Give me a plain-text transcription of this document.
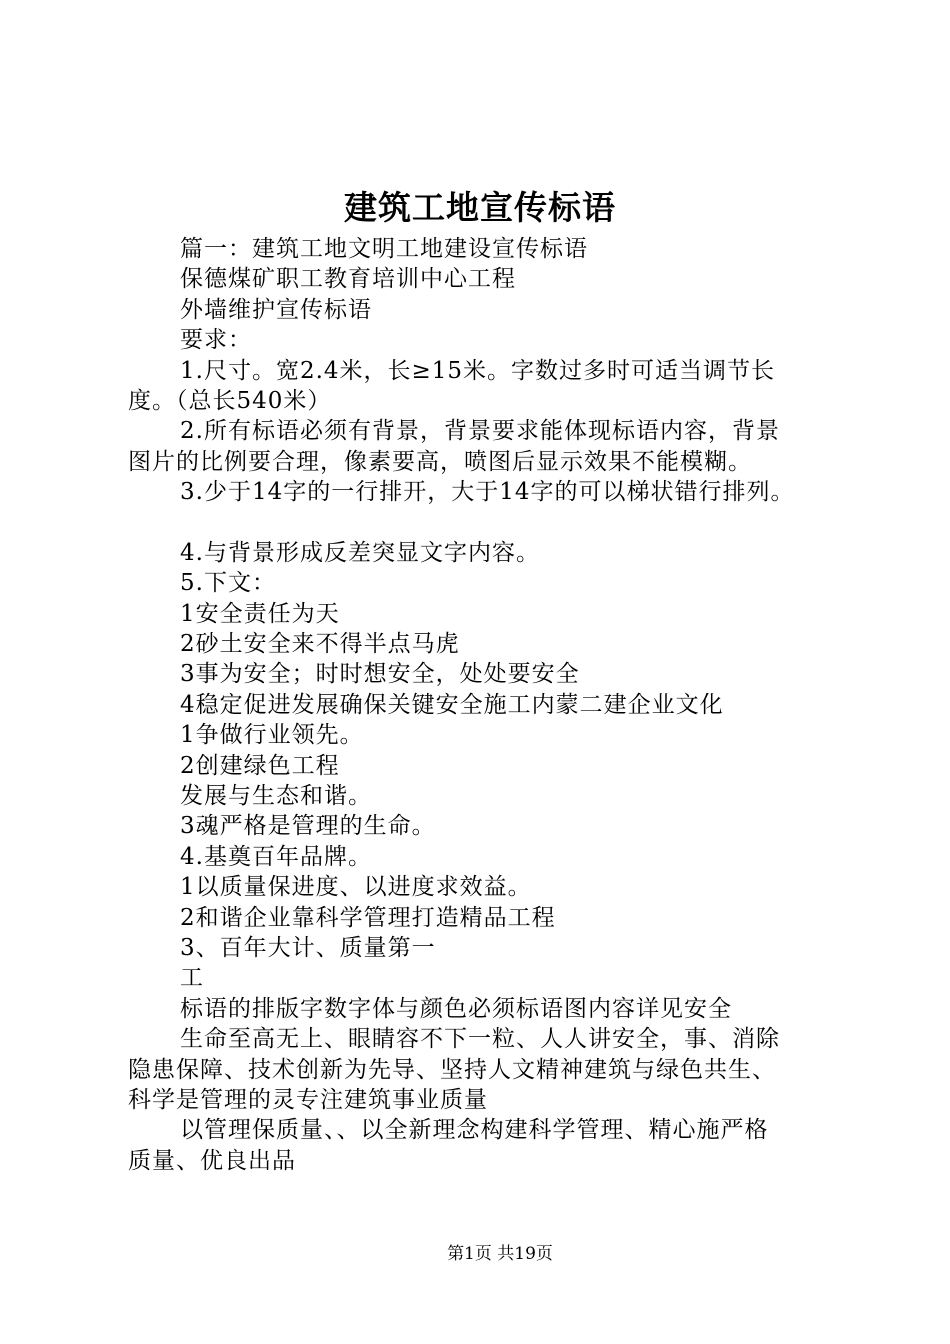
建筑工地宣传标语
篇一：建筑工地文明工地建设宣传标语
保德煤矿职工教育培训中心工程
外墙维护宣传标语
要求：
1.尺寸。宽2.4米，长≥15米。字数过多时可适当调节长
度。（总长540米）
2.所有标语必须有背景，背景要求能体现标语内容，背景
图片的比例要合理，像素要高，喷图后显示效果不能模糊。
3.少于14字的一行排开，大于14字的可以梯状错行排列。
4.与背景形成反差突显文字内容。
5.下文：
1安全责任为天
2砂土安全来不得半点马虎
3事为安全；时时想安全，处处要安全
4稳定促进发展确保关键安全施工内蒙二建企业文化
1争做行业领先。
2创建绿色工程
发展与生态和谐。
3魂严格是管理的生命。
4.基奠百年品牌。
1以质量保进度、以进度求效益。
2和谐企业靠科学管理打造精品工程
3、百年大计、质量第一
工
标语的排版字数字体与颜色必须标语图内容详见安全
生命至高无上、眼睛容不下一粒、人人讲安全，事、消除
隐患保障、技术创新为先导、坚持人文精神建筑与绿色共生、
科学是管理的灵专注建筑事业质量
以管理保质量、、以全新理念构建科学管理、精心施严格
质量、优良出品
第1页 共19页
